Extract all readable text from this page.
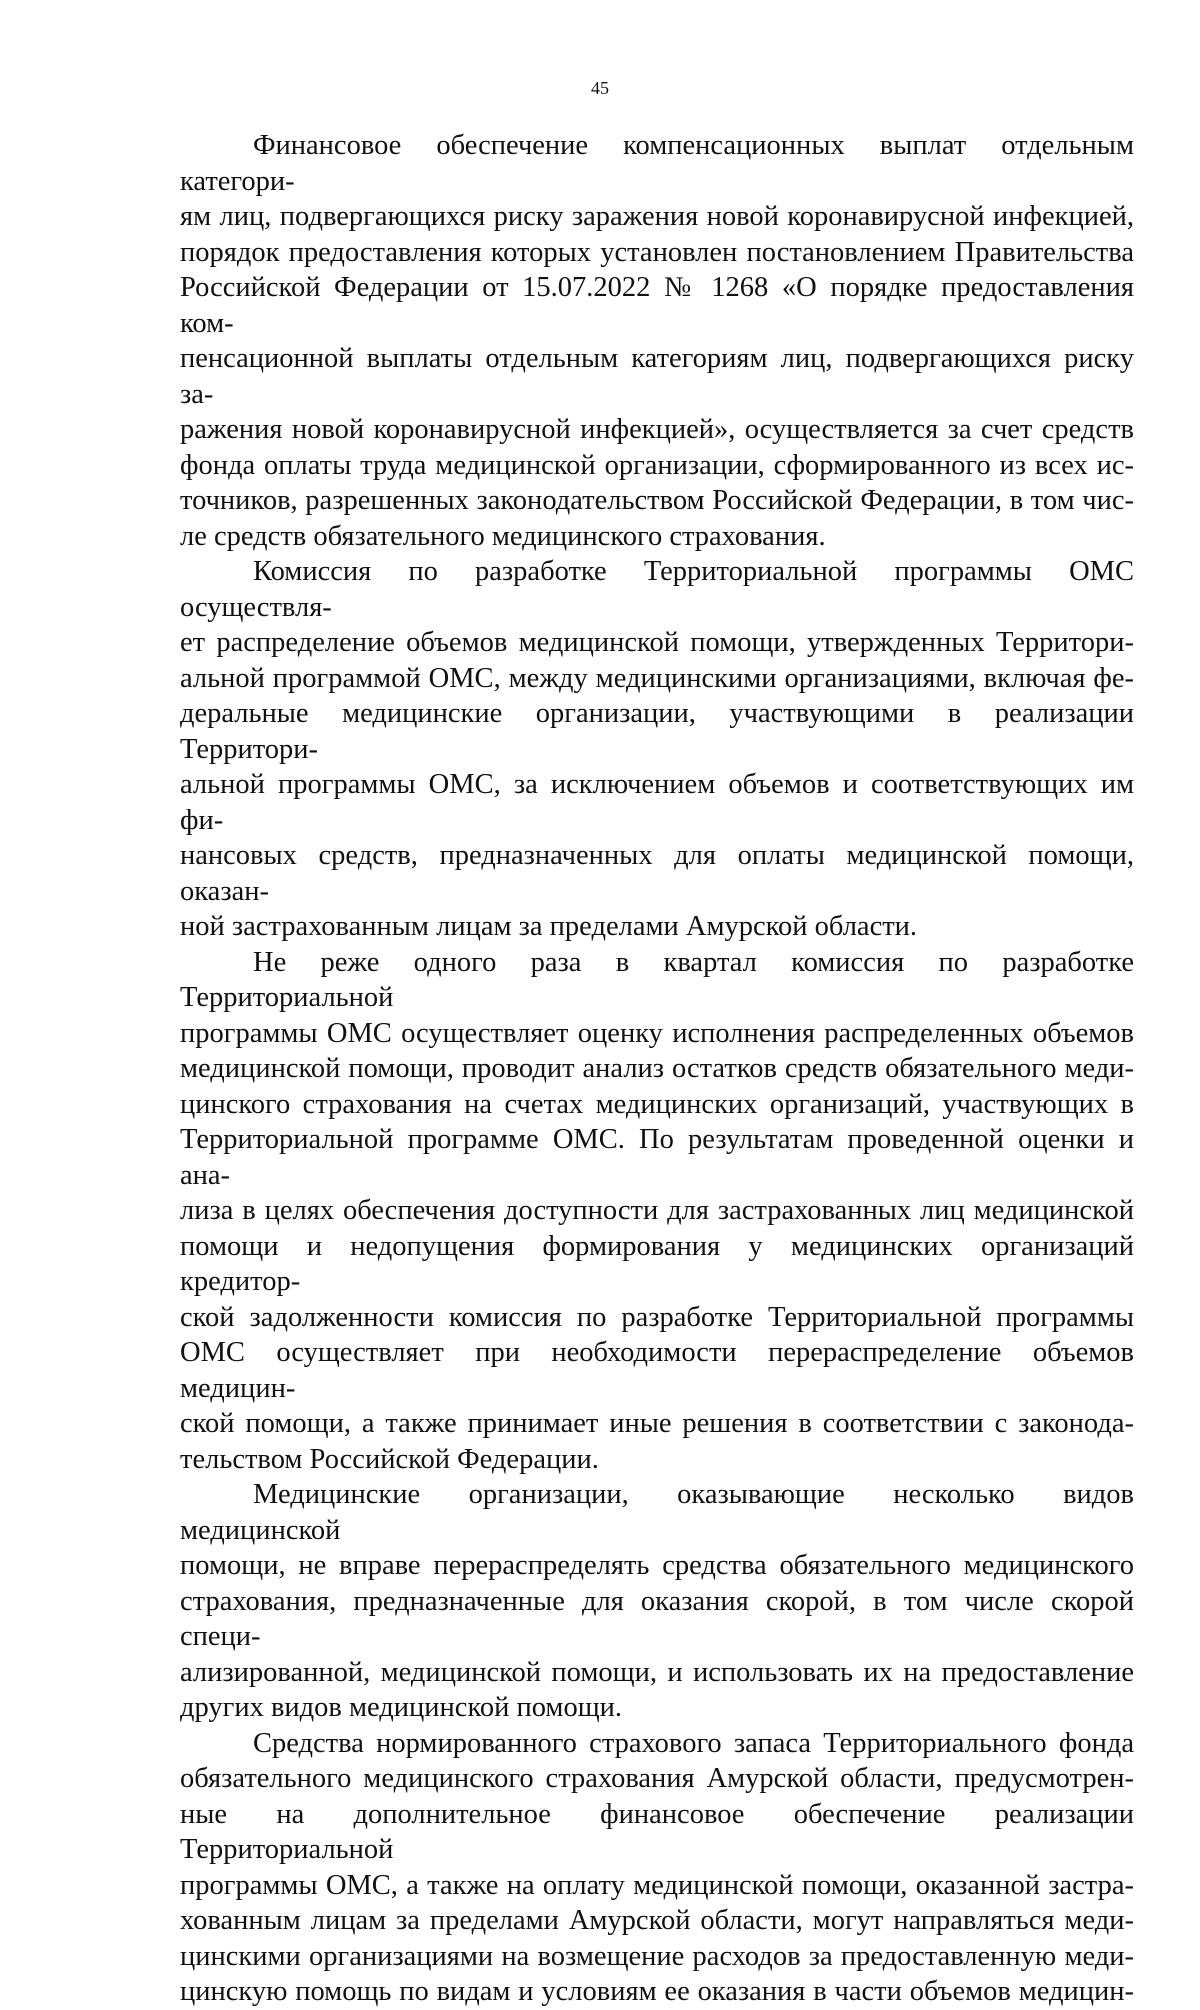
45

Финансовое обеспечение компенсационных выплат отдельным категори-
ям лиц, подвергающихся риску заражения новой коронавирусной инфекцией,
порядок предоставления которых установлен постановлением Правительства
Российской Федерации от 15.07.2022 № 1268 «О порядке предоставления ком-
пенсационной выплаты отдельным категориям лиц, подвергающихся риску за-
ражения новой коронавирусной инфекцией», осуществляется за счет средств
фонда оплаты труда медицинской организации, сформированного из всех ис-
точников, разрешенных законодательством Российской Федерации, в том чис-
ле средств обязательного медицинского страхования.

Комиссия по разработке Территориальной программы ОМС осуществля-
ет распределение объемов медицинской помощи, утвержденных Территори-
альной программой ОМС, между медицинскими организациями, включая фе-
деральные медицинские организации, участвующими в реализации Территори-
альной программы ОМС, за исключением объемов и соответствующих им фи-
нансовых средств, предназначенных для оплаты медицинской помощи, оказан-
ной застрахованным лицам за пределами Амурской области.

Не реже одного раза в квартал комиссия по разработке Территориальной
программы ОМС осуществляет оценку исполнения распределенных объемов
медицинской помощи, проводит анализ остатков средств обязательного меди-
цинского страхования на счетах медицинских организаций, участвующих в
Территориальной программе ОМС. По результатам проведенной оценки и ана-
лиза в целях обеспечения доступности для застрахованных лиц медицинской
помощи и недопущения формирования у медицинских организаций кредитор-
ской задолженности комиссия по разработке Территориальной программы
ОМС осуществляет при необходимости перераспределение объемов медицин-
ской помощи, а также принимает иные решения в соответствии с законода-
тельством Российской Федерации.

Медицинские организации, оказывающие несколько видов медицинской
помощи, не вправе перераспределять средства обязательного медицинского
страхования, предназначенные для оказания скорой, в том числе скорой специ-
ализированной, медицинской помощи, и использовать их на предоставление
других видов медицинской помощи.

Средства нормированного страхового запаса Территориального фонда
обязательного медицинского страхования Амурской области, предусмотрен-
ные на дополнительное финансовое обеспечение реализации Территориальной
программы ОМС, а также на оплату медицинской помощи, оказанной застра-
хованным лицам за пределами Амурской области, могут направляться меди-
цинскими организациями на возмещение расходов за предоставленную меди-
цинскую помощь по видам и условиям ее оказания в части объемов медицин-
